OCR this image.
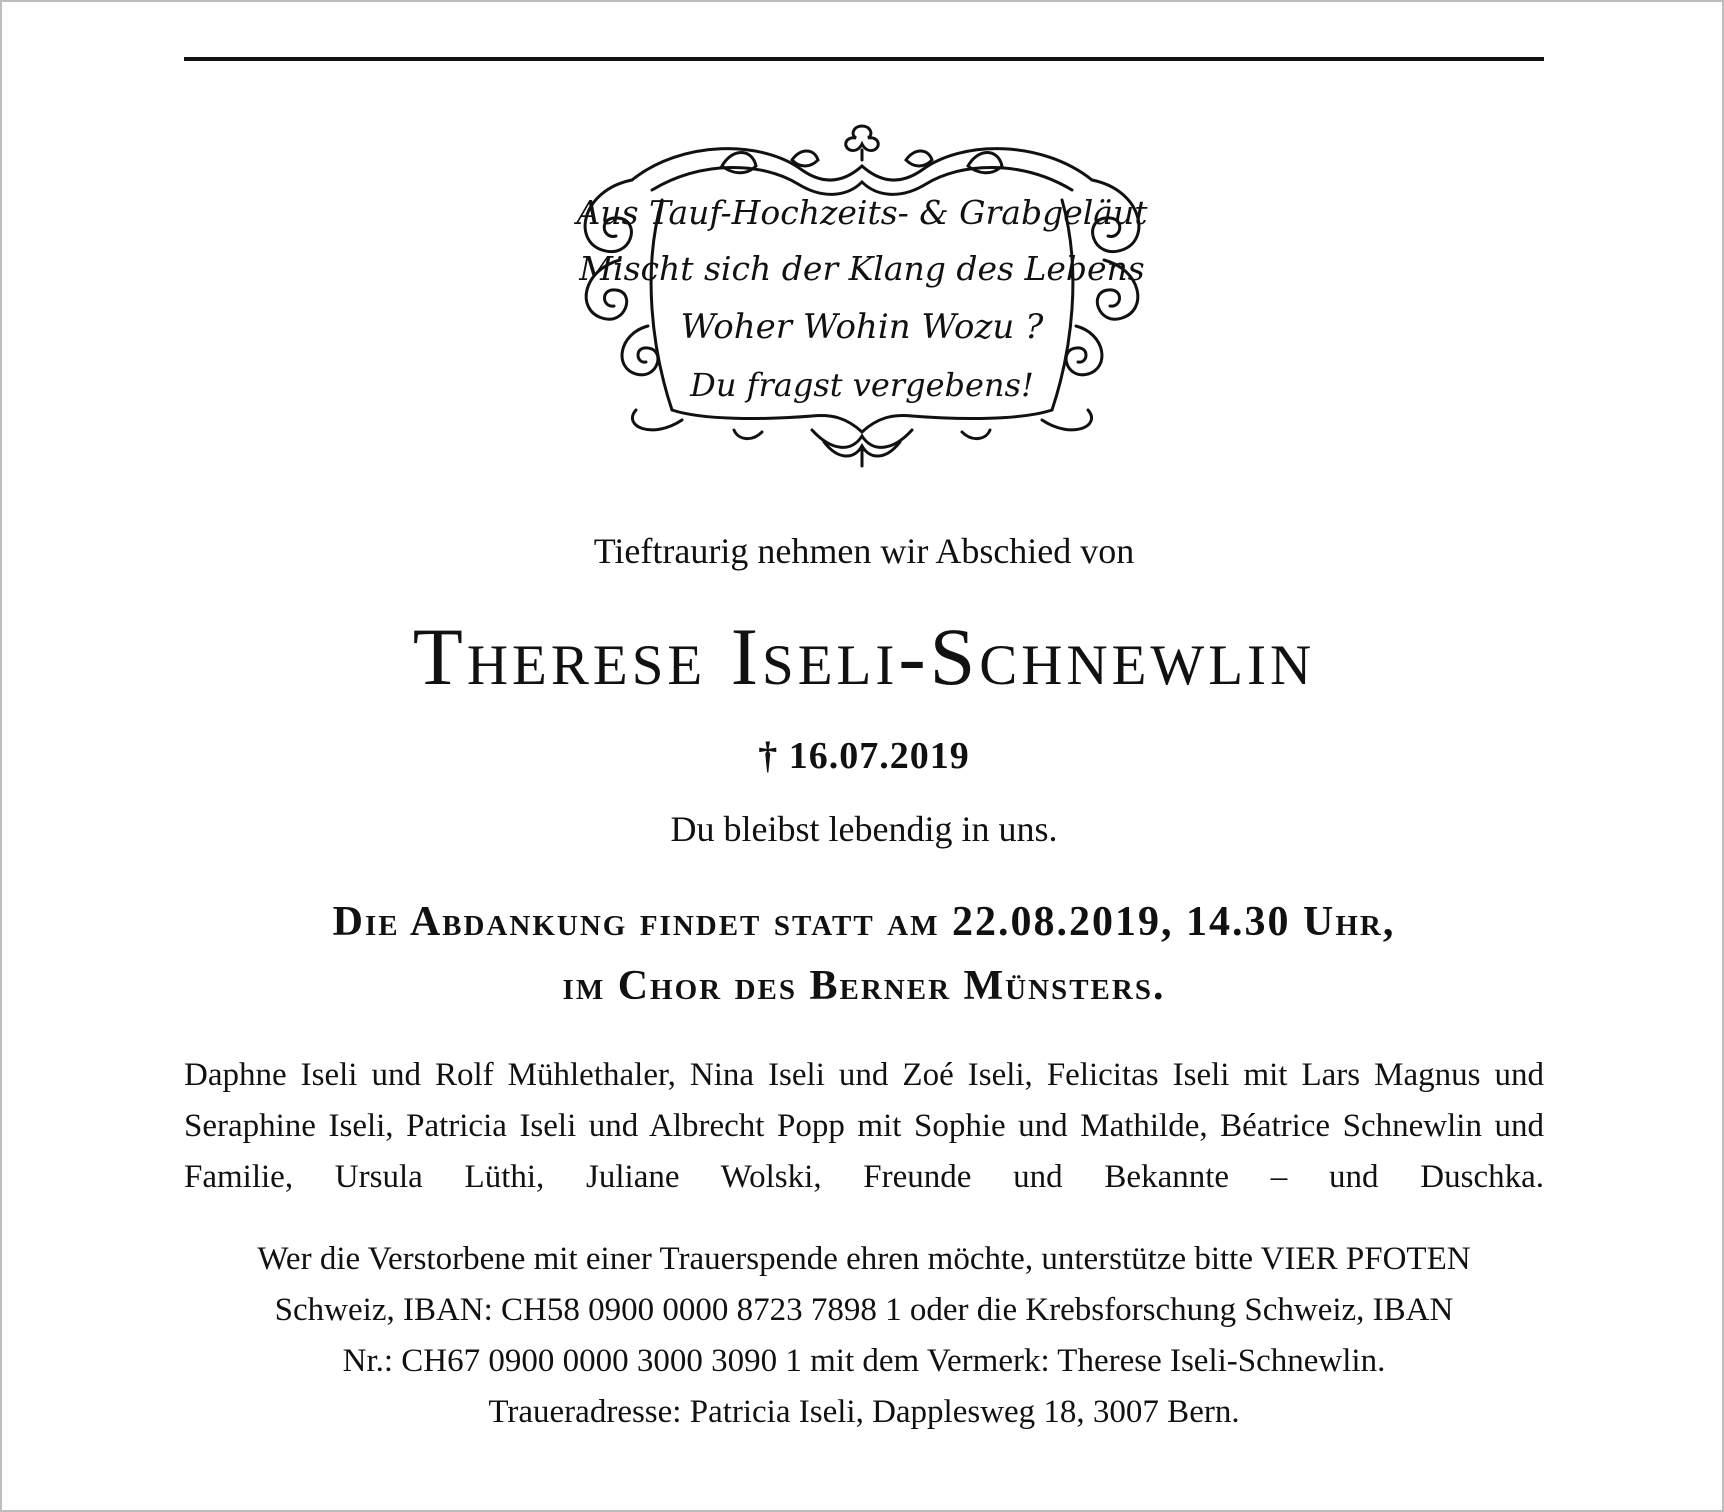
Aus Tauf-Hochzeits- & Grabgeläut
Mischt sich der Klang des Lebens
Woher Wohin Wozu ?
Du fragst vergebens!
Tieftraurig nehmen wir Abschied von
Therese Iseli-Schnewlin
† 16.07.2019
Du bleibst lebendig in uns.
Die Abdankung findet statt am 22.08.2019, 14.30 Uhr,
im Chor des Berner Münsters.
Daphne Iseli und Rolf Mühlethaler, Nina Iseli und Zoé Iseli, Felicitas Iseli mit Lars Magnus und Seraphine Iseli, Patricia Iseli und Albrecht Popp mit Sophie und Mathilde, Béatrice Schnewlin und Familie, Ursula Lüthi, Juliane Wolski, Freunde und Bekannte – und Duschka.
Wer die Verstorbene mit einer Trauerspende ehren möchte, unterstütze bitte VIER PFOTEN
Schweiz, IBAN: CH58 0900 0000 8723 7898 1 oder die Krebsforschung Schweiz, IBAN
Nr.: CH67 0900 0000 3000 3090 1 mit dem Vermerk: Therese Iseli-Schnewlin.
Traueradresse: Patricia Iseli, Dapplesweg 18, 3007 Bern.
